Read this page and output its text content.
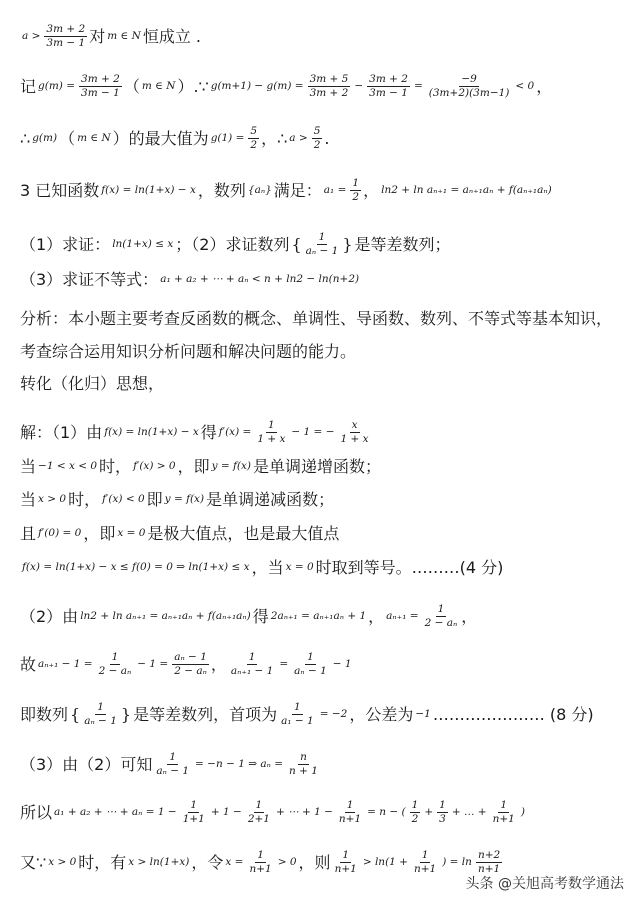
$a > \frac{3m + 2}{3m - 1}$ 对 m ∈ N 恒成立 .
记 $g(m) = \frac{3m + 2}{3m - 1}$ （ m ∈ N ）.∵ $g(m+1) - g(m) = \frac{3m + 5}{3m + 2} - \frac{3m + 2}{3m - 1} = \frac{-9}{(3m+2)(3m-1)} < 0$ ，
∴ g(m) （ m ∈ N ）的最大值为 $g(1) = \frac{5}{2}$ ，∴ $a > \frac{5}{2}$ .
3 已知函数 f(x) = ln(1+x) − x ，数列 {aₙ} 满足： $a_1 = \frac{1}{2}$ ， ln2 + ln aₙ₊₁ = aₙ₊₁aₙ + f(aₙ₊₁aₙ)
（1）求证： ln(1+x) ≤ x ；（2）求证数列 { $\frac{1}{\text{aₙ − 1}}$ } 是等差数列；
（3）求证不等式： a₁ + a₂ + ⋯ + aₙ < n + ln2 − ln(n+2)
分析：本小题主要考查反函数的概念、单调性、导函数、数列、不等式等基本知识，考查综合运用知识分析问题和解决问题的能力。
转化（化归）思想，
解：（1）由 f(x) = ln(1+x) − x 得 $f'(x) = \frac{1}{1 + x} - 1$ = − $\frac{x}{1 + x}$
当 −1 < x < 0 时， f′(x) > 0 ，即 y = f(x) 是单调递增函数；
当 x > 0 时， f′(x) < 0 即 y = f(x) 是单调递减函数；
且 f′(0) = 0 ，即 x = 0 是极大值点，也是最大值点
f(x) = ln(1+x) − x ≤ f(0) = 0 ⇒ ln(1+x) ≤ x ，当 x = 0 时取到等号。………(4 分)
（2）由 ln2 + ln aₙ₊₁ = aₙ₊₁aₙ + f(aₙ₊₁aₙ) 得 2aₙ₊₁ = aₙ₊₁aₙ + 1 ， $a_{n+1} = \frac{1}{\text{2 − aₙ}}$ ，
故 $a_{n+1} - 1 = \frac{1}{\text{2 − aₙ}} - 1 = \frac{\text{aₙ − 1}}{\text{2 − aₙ}}$ ， $\frac{1}{\text{aₙ₊₁ − 1}} = \frac{1}{\text{aₙ − 1}} - 1$
即数列 { $\frac{1}{\text{aₙ − 1}}$ } 是等差数列，首项为 $\frac{1}{\text{a₁ − 1}} = -2$ ，公差为 −1 ………………… (8 分)
（3）由（2）可知 $\frac{1}{\text{aₙ − 1}} = -n - 1$ ⇒ $a_n = \frac{n}{n + 1}$
所以 a₁ + a₂ + ⋯ + $a_n = 1 - \frac{1}{1+1} + 1 - \frac{1}{2+1}$ + ⋯ + $1 - \frac{1}{n+1} = n$ − ( $\frac{1}{2} + \frac{1}{3}$ + … + $\frac{1}{n+1}$ )
又∵ x > 0 时，有 x > ln(1+x) ，令 $x = \frac{1}{n+1} > 0$ ，则 $\frac{1}{n+1} > \ln(1 + \frac{1}{n+1}$ ) = $\ln \frac{n+2}{n+1}$
头条 @关旭高考数学通法
